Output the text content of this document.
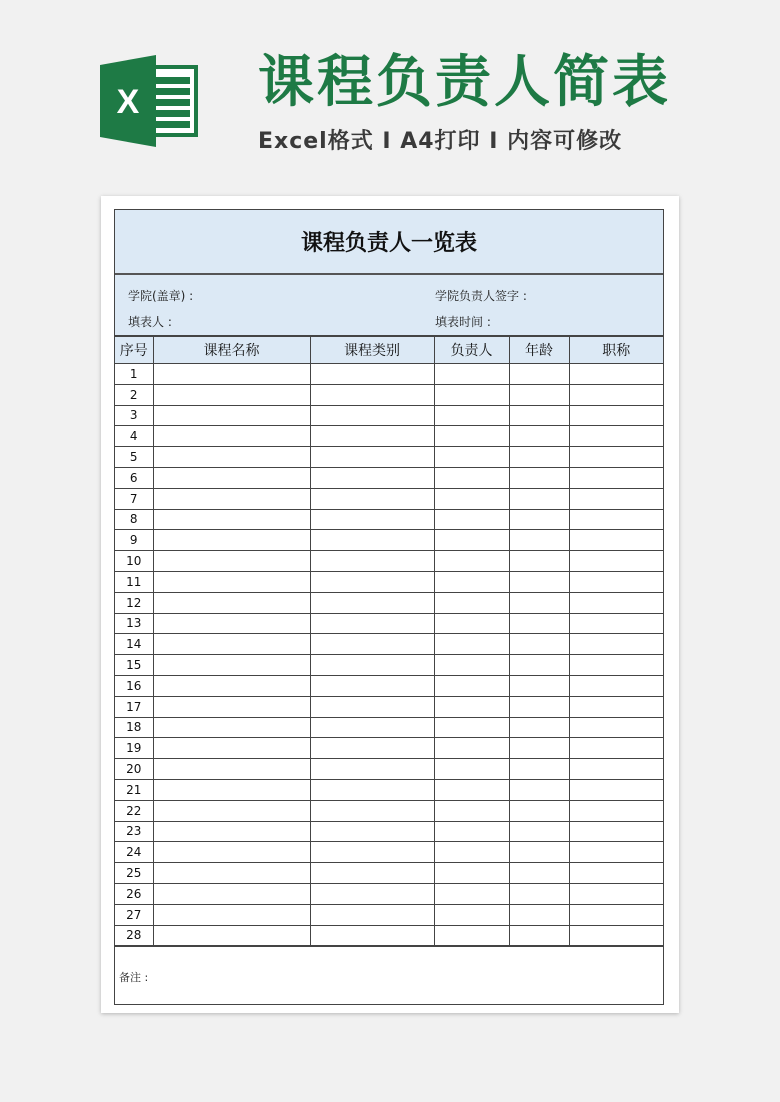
X 课程负责人简表
Excel格式 I A4打印 I 内容可修改
课程负责人一览表
学院(盖章) :	学院负责人签字 :
填表人 :	填表时间 :
序号	课程名称	课程类别	负责人	年龄	职称
1					
2					
3					
4					
5					
6					
7					
8					
9					
10					
11					
12					
13					
14					
15					
16					
17					
18					
19					
20					
21					
22					
23					
24					
25					
26					
27					
28					
备注 :
